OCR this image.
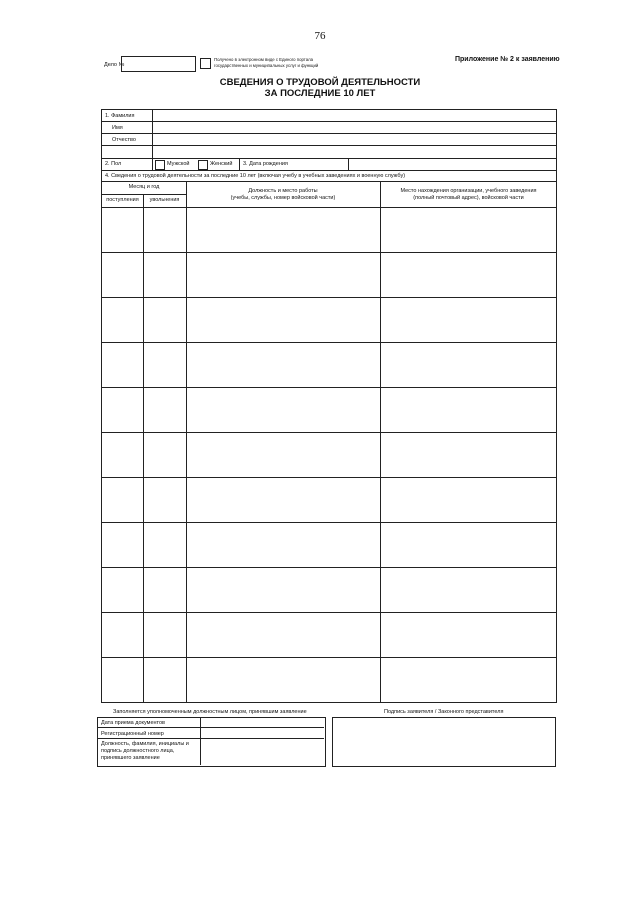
76
Дело №
Получено в электронном виде с Единого портала государственных и муниципальных услуг и функций
Приложение № 2 к заявлению
СВЕДЕНИЯ О ТРУДОВОЙ ДЕЯТЕЛЬНОСТИ
ЗА ПОСЛЕДНИЕ 10 ЛЕТ
1. Фамилия
Имя
Отчество
2. Пол	Мужской	Женский 3. Дата рождения
4. Сведения о трудовой деятельности за последние 10 лет (включая учебу в учебных заведениях и военную службу)
Месяц и год
поступления	увольнения
Должность и место работы
(учебы, службы, номер войсковой части)
Место нахождения организации, учебного заведения
(полный почтовый адрес), войсковой части
Заполняется уполномоченным должностным лицом, принявшим заявление	Подпись заявителя / Законного представителя
Дата приема документов
Регистрационный номер
Должность, фамилия, инициалы и подпись должностного лица, принявшего заявление
